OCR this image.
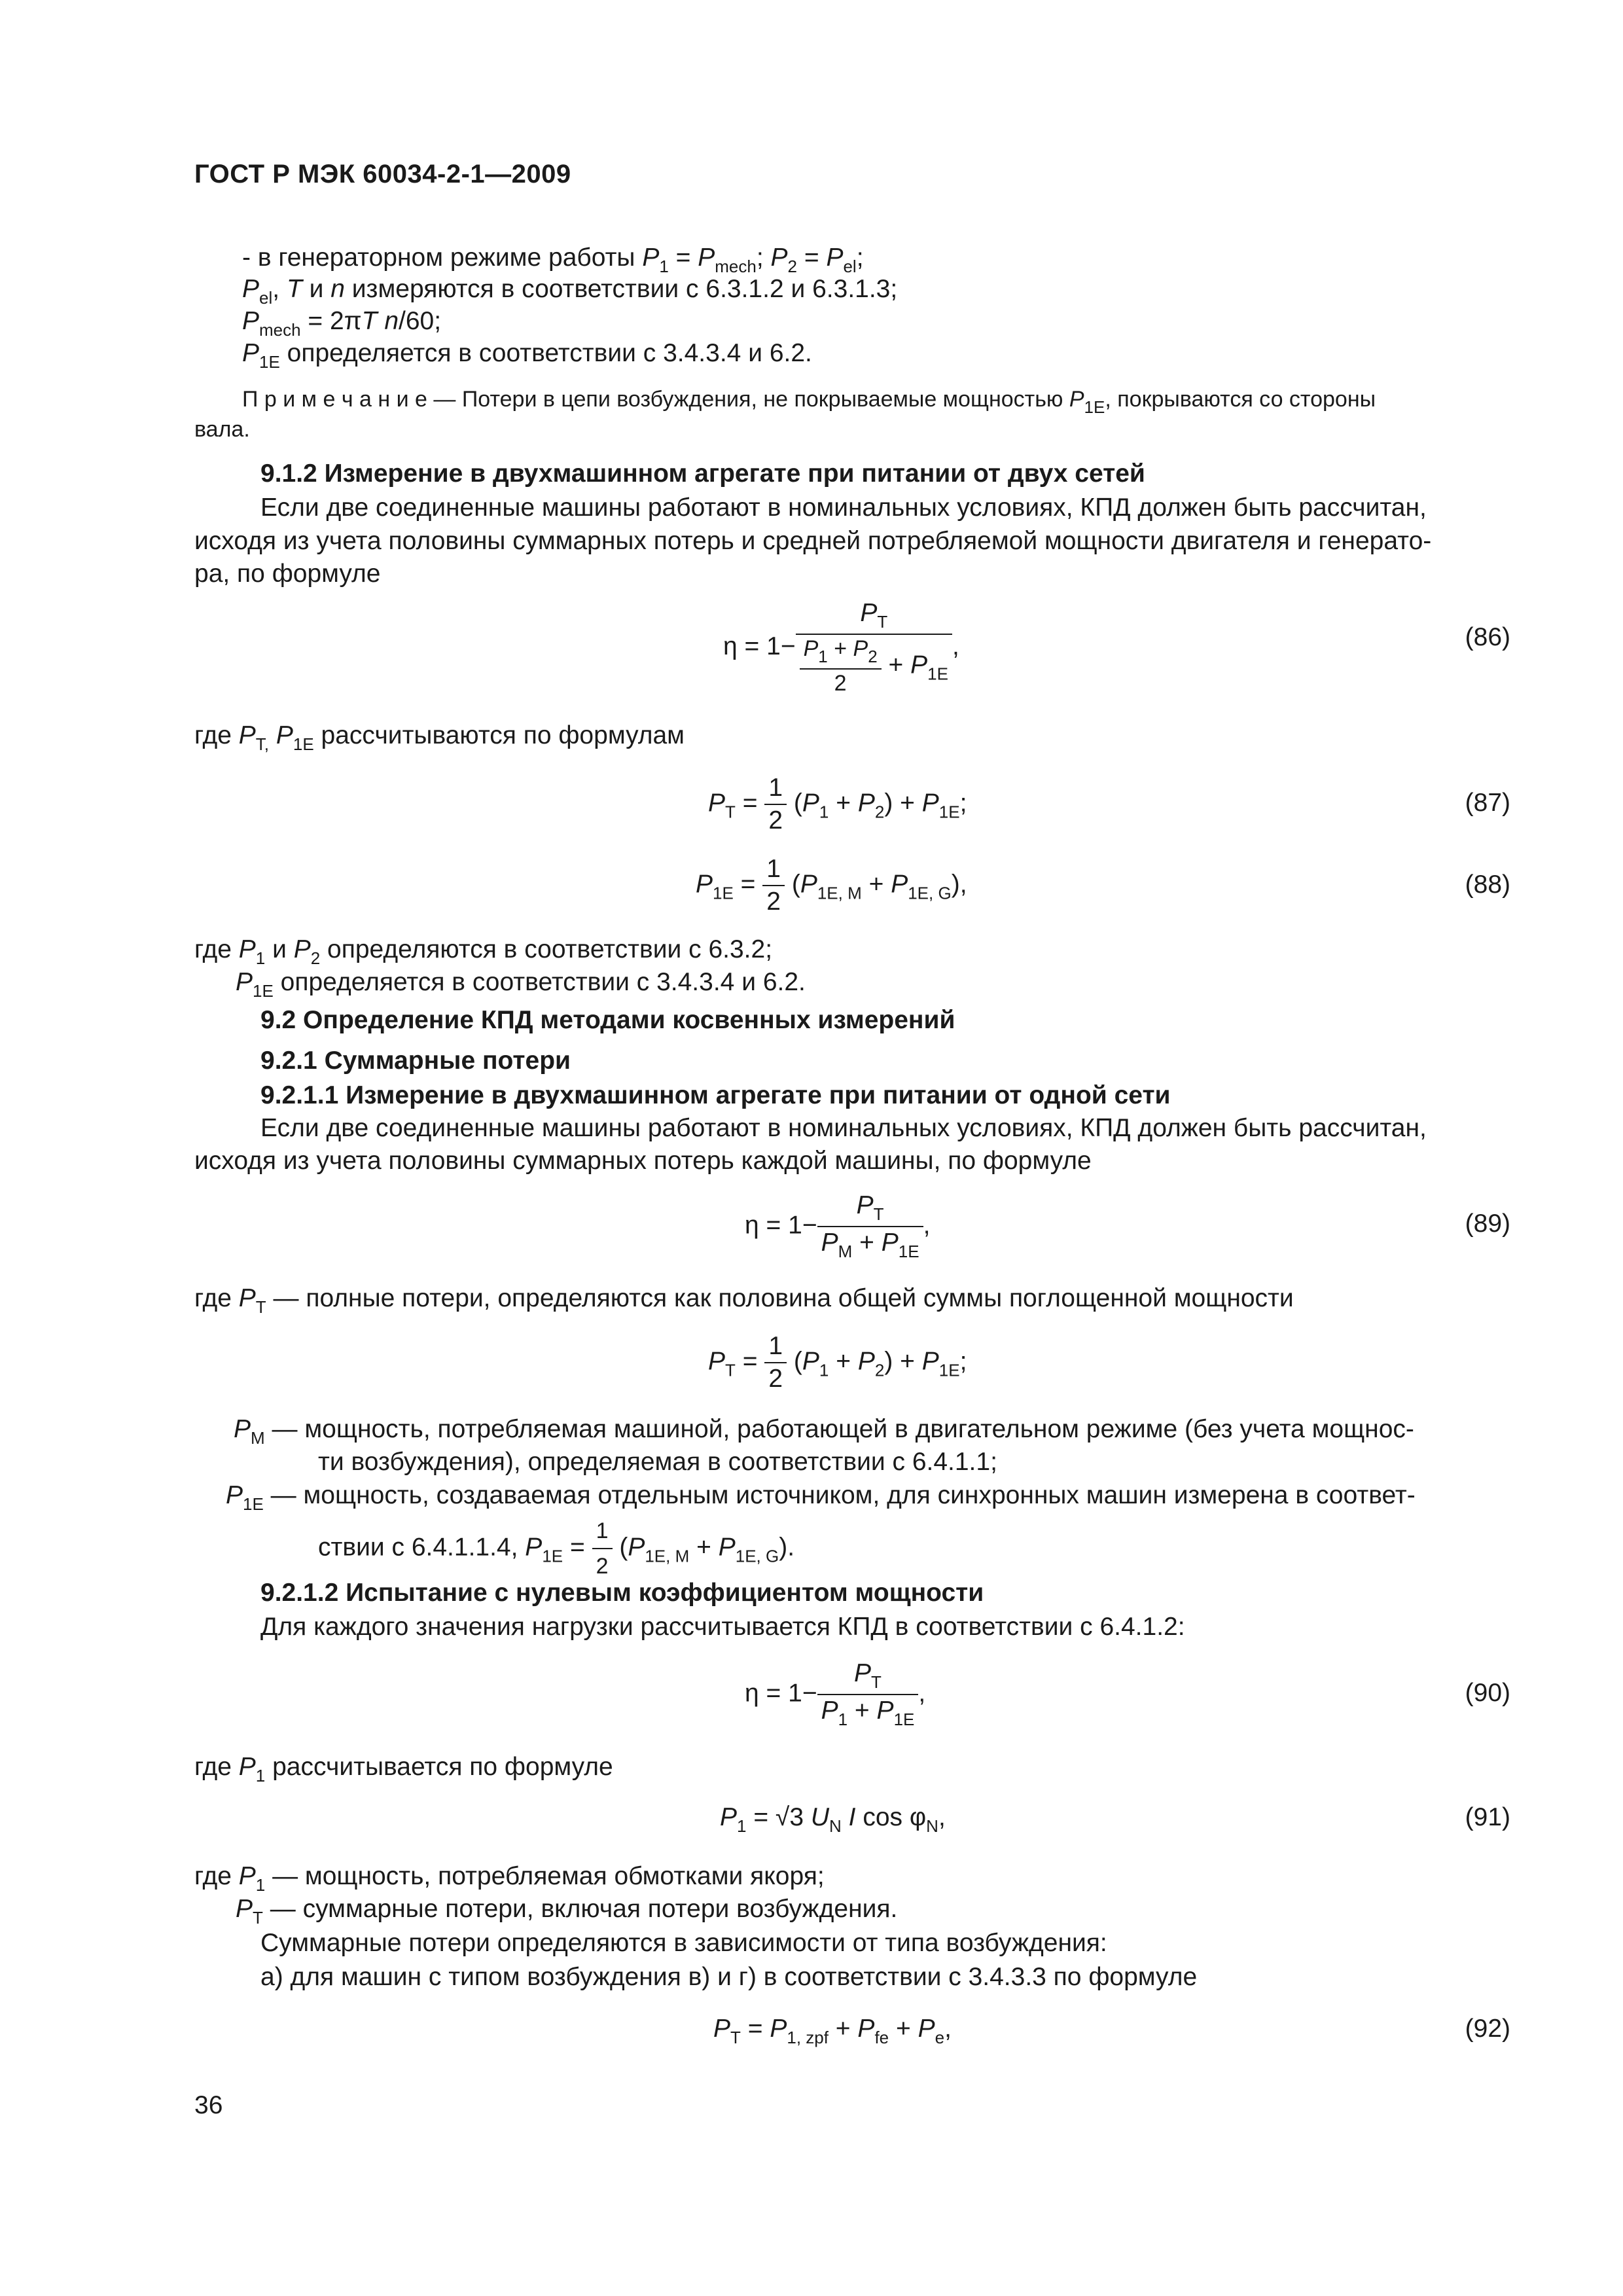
ГОСТ Р МЭК 60034-2-1—2009
- в генераторном режиме работы $P_1 = P_{mech}$; $P_2 = P_{el}$;
$P_{el}$, T и n измеряются в соответствии с 6.3.1.2 и 6.3.1.3;
$P_{mech} = 2\pi T$ n/60;
$P_{1E}$ определяется в соответствии с 3.4.3.4 и 6.2.
П р и м е ч а н и е — Потери в цепи возбуждения, не покрываемые мощностью $P_{1E}$, покрываются со стороны
вала.
9.1.2 Измерение в двухмашинном агрегате при питании от двух сетей
Если две соединенные машины работают в номинальных условиях, КПД должен быть рассчитан,
исходя из учета половины суммарных потерь и средней потребляемой мощности двигателя и генерато-
ра, по формуле
$\eta = 1- \frac{P_T}{\frac{P_1 + P_2}{2} + P_{1E}}$ ,	(86)
где $P_{T,}$ $P_{1E}$ рассчитываются по формулам
$P_T = \frac{1}{2} (P_1 + P_2) + P_{1E}$;	(87)
$P_{1E} = \frac{1}{2} (P_{1E, M} + P_{1E, G})$,	(88)
где $P_1$ и $P_2$ определяются в соответствии с 6.3.2;
$P_{1E}$ определяется в соответствии с 3.4.3.4 и 6.2.
9.2 Определение КПД методами косвенных измерений
9.2.1 Суммарные потери
9.2.1.1 Измерение в двухмашинном агрегате при питании от одной сети
Если две соединенные машины работают в номинальных условиях, КПД должен быть рассчитан,
исходя из учета половины суммарных потерь каждой машины, по формуле
$\eta = 1- \frac{P_T}{P_M + P_{1E}}$ ,	(89)
где $P_T$ — полные потери, определяются как половина общей суммы поглощенной мощности
$P_T = \frac{1}{2} (P_1 + P_2) + P_{1E}$;
$P_M$ — мощность, потребляемая машиной, работающей в двигательном режиме (без учета мощнос-
ти возбуждения), определяемая в соответствии с 6.4.1.1;
$P_{1E}$ — мощность, создаваемая отдельным источником, для синхронных машин измерена в соответ-
ствии с 6.4.1.1.4, $P_{1E} = \frac{1}{2} (P_{1E, M} + P_{1E, G})$.
9.2.1.2 Испытание с нулевым коэффициентом мощности
Для каждого значения нагрузки рассчитывается КПД в соответствии с 6.4.1.2:
$\eta = 1- \frac{P_T}{P_1 + P_{1E}}$ ,	(90)
где $P_1$ рассчитывается по формуле
$P_1 = √3$ $U_N$ I $\cos \varphi_N$,	(91)
где $P_1$ — мощность, потребляемая обмотками якоря;
$P_T$ — суммарные потери, включая потери возбуждения.
Суммарные потери определяются в зависимости от типа возбуждения:
а) для машин с типом возбуждения в) и г) в соответствии с 3.4.3.3 по формуле
$P_T = P_{1, zpf} + P_{fe} + P_e$,	(92)
36
